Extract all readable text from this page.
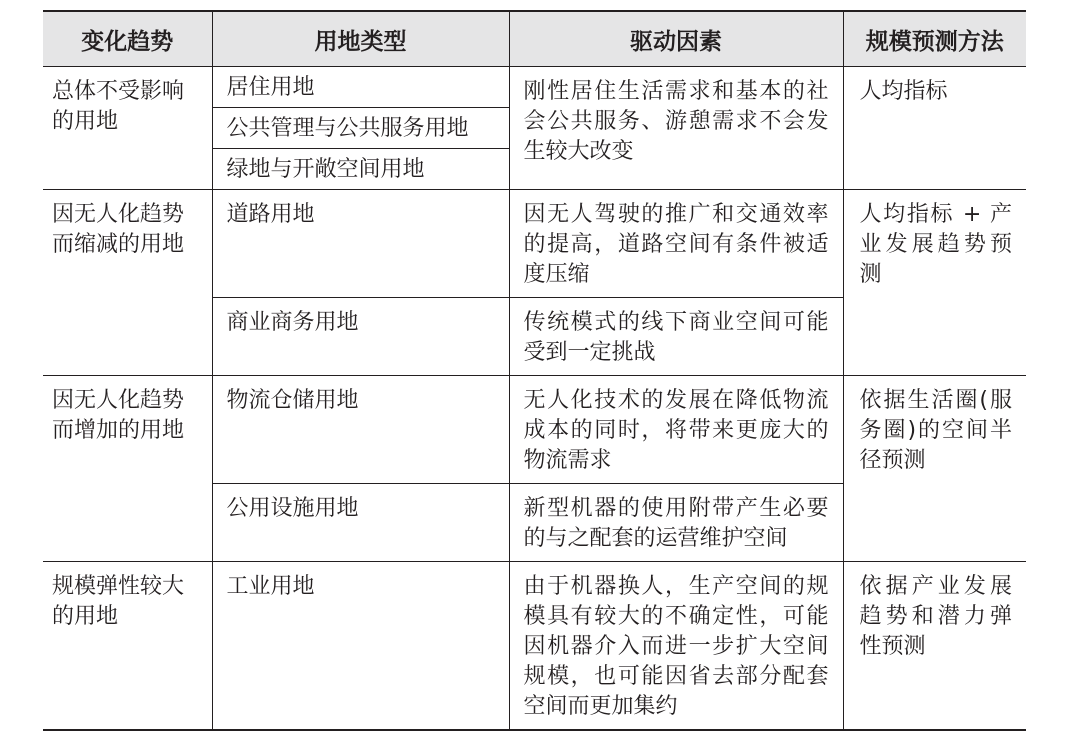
变化趋势	用地类型	驱动因素	规模预测方法
总体不受影响的用地	居住用地	刚性居住生活需求和基本的社会公共服务、游憩需求不会发生较大改变	人均指标
	公共管理与公共服务用地		
	绿地与开敞空间用地		
因无人化趋势而缩减的用地	道路用地	因无人驾驶的推广和交通效率的提高，道路空间有条件被适度压缩	人均指标 + 产业发展趋势预测
	商业商务用地	传统模式的线下商业空间可能受到一定挑战	
因无人化趋势而增加的用地	物流仓储用地	无人化技术的发展在降低物流成本的同时，将带来更庞大的物流需求	依据生活圈(服务圈)的空间半径预测
	公用设施用地	新型机器的使用附带产生必要的与之配套的运营维护空间	
规模弹性较大的用地	工业用地	由于机器换人，生产空间的规模具有较大的不确定性，可能因机器介入而进一步扩大空间规模，也可能因省去部分配套空间而更加集约	依据产业发展趋势和潜力弹性预测
